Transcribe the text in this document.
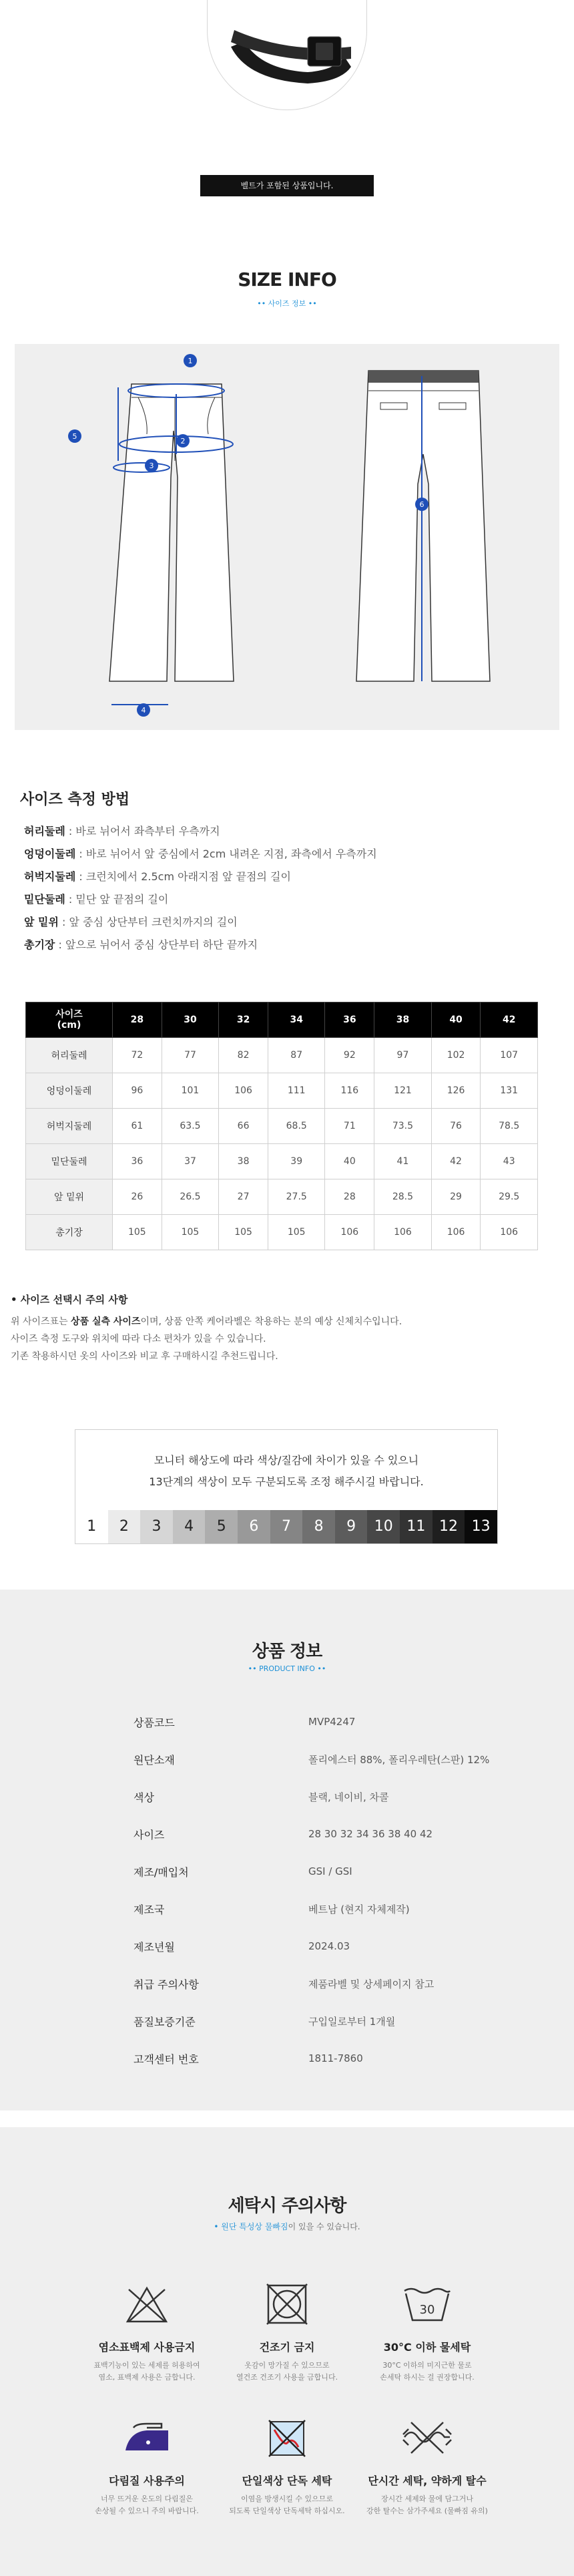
벨트가 포함된 상품입니다.
SIZE INFO
•• 사이즈 정보 ••
1
2
3
5
4
6
사이즈 측정 방법
허리둘레 : 바로 뉘어서 좌측부터 우측까지
엉덩이둘레 : 바로 뉘어서 앞 중심에서 2cm 내려온 지점, 좌측에서 우측까지
허벅지둘레 : 크런치에서 2.5cm 아래지점 앞 끝점의 길이
밑단둘레 : 밑단 앞 끝점의 길이
앞 밑위 : 앞 중심 상단부터 크런치까지의 길이
총기장 : 앞으로 뉘어서 중심 상단부터 하단 끝까지
사이즈
(cm)	28	30	32	34	36	38	40	42
허리둘레	72	77	82	87	92	97	102	107
엉덩이둘레	96	101	106	111	116	121	126	131
허벅지둘레	61	63.5	66	68.5	71	73.5	76	78.5
밑단둘레	36	37	38	39	40	41	42	43
앞 밑위	26	26.5	27	27.5	28	28.5	29	29.5
총기장	105	105	105	105	106	106	106	106
• 사이즈 선택시 주의 사항

위 사이즈표는 상품 실측 사이즈이며, 상품 안쪽 케어라벨은 착용하는 분의 예상 신체치수입니다.

사이즈 측정 도구와 위치에 따라 다소 편차가 있을 수 있습니다.

기존 착용하시던 옷의 사이즈와 비교 후 구매하시길 추천드립니다.

모니터 해상도에 따라 색상/질감에 차이가 있을 수 있으니
13단계의 색상이 모두 구분되도록 조정 해주시길 바랍니다.
1	2	3	4	5	6	7	8	9	10 11 12 13
상품 정보
•• PRODUCT INFO ••
상품코드	MVP4247
원단소재	폴리에스터 88%, 폴리우레탄(스판) 12%
색상	블랙, 네이비, 차콜
사이즈	28 30 32 34 36 38 40 42
제조/매입처	GSI / GSI
제조국	베트남 (현지 자체제작)
제조년월	2024.03
취급 주의사항	제품라벨 및 상세페이지 참고
품질보증기준	구입일로부터 1개월
고객센터 번호	1811-7860
세탁시 주의사항
• 원단 특성상 물빠짐이 있을 수 있습니다.
염소표백제 사용금지
표백기능이 있는 세제를 허용하여
염소, 표백제 사용은 금합니다.
건조기 금지
옷감이 망가질 수 있으므로
열건조 건조기 사용을 금합니다.
30
30°C 이하 물세탁
30°C 이하의 미지근한 물로
손세탁 하시는 걸 권장합니다.
다림질 사용주의
너무 뜨거운 온도의 다림질은
손상될 수 있으니 주의 바랍니다.
단일색상 단독 세탁
이염을 방생시킬 수 있으므로
되도록 단일색상 단독세탁 하십시오.
단시간 세탁, 약하게 탈수
장시간 세제와 물에 담그거나
강한 탈수는 삼가주세요 (물빠짐 유의)
